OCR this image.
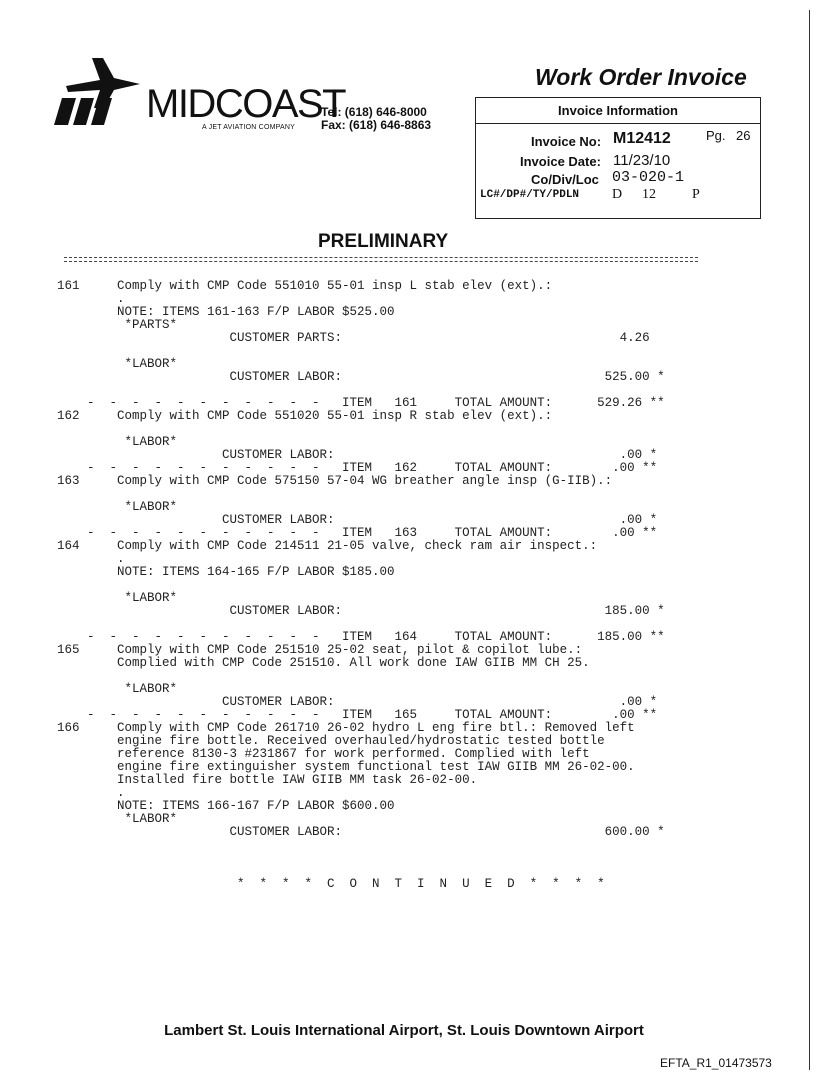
MIDCOAST
A JET AVIATION COMPANY
Tel: (618) 646-8000
Fax: (618) 646-8863
Work Order Invoice
Invoice Information
Invoice No: M12412	Pg. 26
Invoice Date: 11/23/10
Co/Div/Loc 03-020-1
LC#/DP#/TY/PDLN D 12	P
PRELIMINARY
161     Comply with CMP Code 551010 55-01 insp L stab elev (ext).:
.
NOTE: ITEMS 161-163 F/P LABOR $525.00
*PARTS*
CUSTOMER PARTS:                                     4.26
*LABOR*
CUSTOMER LABOR:                                   525.00 *
-  -  -  -  -  -  -  -  -  -  -   ITEM   161     TOTAL AMOUNT:      529.26 **
162     Comply with CMP Code 551020 55-01 insp R stab elev (ext).:
*LABOR*
CUSTOMER LABOR:                                      .00 *
-  -  -  -  -  -  -  -  -  -  -   ITEM   162     TOTAL AMOUNT:        .00 **
163     Comply with CMP Code 575150 57-04 WG breather angle insp (G-IIB).:
*LABOR*
CUSTOMER LABOR:                                      .00 *
-  -  -  -  -  -  -  -  -  -  -   ITEM   163     TOTAL AMOUNT:        .00 **
164     Comply with CMP Code 214511 21-05 valve, check ram air inspect.:
.
NOTE: ITEMS 164-165 F/P LABOR $185.00
*LABOR*
CUSTOMER LABOR:                                   185.00 *
-  -  -  -  -  -  -  -  -  -  -   ITEM   164     TOTAL AMOUNT:      185.00 **
165     Comply with CMP Code 251510 25-02 seat, pilot & copilot lube.:
Complied with CMP Code 251510. All work done IAW GIIB MM CH 25.
*LABOR*
CUSTOMER LABOR:                                      .00 *
-  -  -  -  -  -  -  -  -  -  -   ITEM   165     TOTAL AMOUNT:        .00 **
166     Comply with CMP Code 261710 26-02 hydro L eng fire btl.: Removed left
engine fire bottle. Received overhauled/hydrostatic tested bottle
reference 8130-3 #231867 for work performed. Complied with left
engine fire extinguisher system functional test IAW GIIB MM 26-02-00.
Installed fire bottle IAW GIIB MM task 26-02-00.
.
NOTE: ITEMS 166-167 F/P LABOR $600.00
*LABOR*
CUSTOMER LABOR:                                   600.00 *
*  *  *  *  C  O  N  T  I  N  U  E  D  *  *  *  *
Lambert St. Louis International Airport, St. Louis Downtown Airport
EFTA_R1_01473573
